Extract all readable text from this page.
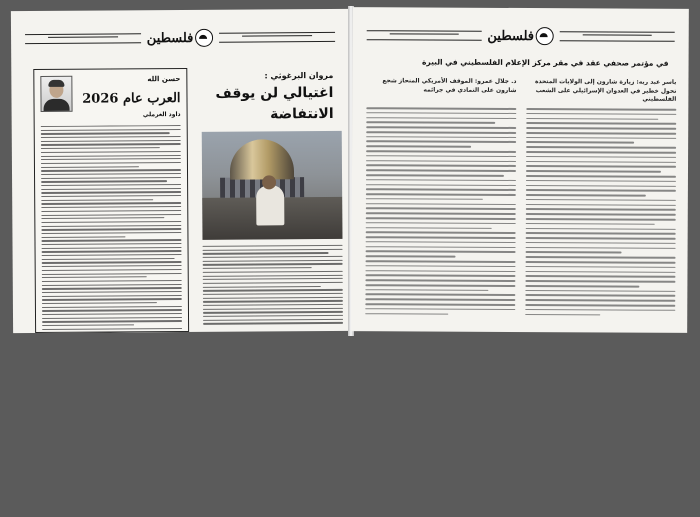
فلسطين
حسن الله
العرب عام 2026
داود الغرملي
مروان البرغوثي :
اغتيالي لن يوقف الانتفاضة
فلسطين
في مؤتمر صحفي عقد في مقر مركز الإعلام الفلسطيني في البيرة
ياسر عبد ربه: زيارة شارون إلى الولايات المتحدة تحول خطير في العدوان الإسرائيلي على الشعب الفلسطيني
د. جلال عمرو: الموقف الأمريكي المنحاز شجع شارون على التمادي في جرائمه
